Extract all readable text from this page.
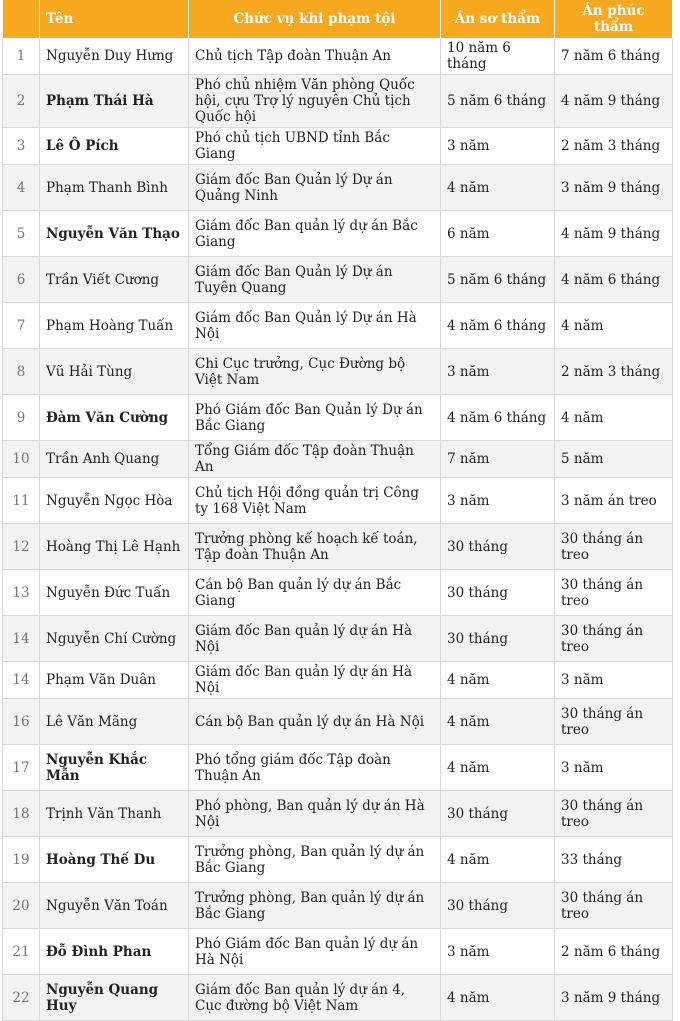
	Tên	Chức vụ khi phạm tội	Án sơ thẩm	Án phúc thẩm
1	Nguyễn Duy Hưng	Chủ tịch Tập đoàn Thuận An	10 năm 6 tháng	7 năm 6 tháng
2	Phạm Thái Hà	Phó chủ nhiệm Văn phòng Quốc hội, cựu Trợ lý nguyên Chủ tịch Quốc hội	5 năm 6 tháng	4 năm 9 tháng
3	Lê Ô Pích	Phó chủ tịch UBND tỉnh Bắc Giang	3 năm	2 năm 3 tháng
4	Phạm Thanh Bình	Giám đốc Ban Quản lý Dự án Quảng Ninh	4 năm	3 năm 9 tháng
5	Nguyễn Văn Thạo	Giám đốc Ban quản lý dự án Bắc Giang	6 năm	4 năm 9 tháng
6	Trần Viết Cương	Giám đốc Ban Quản lý Dự án Tuyên Quang	5 năm 6 tháng	4 năm 6 tháng
7	Phạm Hoàng Tuấn	Giám đốc Ban Quản lý Dự án Hà Nội	4 năm 6 tháng	4 năm
8	Vũ Hải Tùng	Chi Cục trưởng, Cục Đường bộ Việt Nam	3 năm	2 năm 3 tháng
9	Đàm Văn Cường	Phó Giám đốc Ban Quản lý Dự án Bắc Giang	4 năm 6 tháng	4 năm
10	Trần Anh Quang	Tổng Giám đốc Tập đoàn Thuận An	7 năm	5 năm
11	Nguyễn Ngọc Hòa	Chủ tịch Hội đồng quản trị Công ty 168 Việt Nam	3 năm	3 năm án treo
12	Hoàng Thị Lê Hạnh	Trưởng phòng kế hoạch kế toán, Tập đoàn Thuận An	30 tháng	30 tháng án treo
13	Nguyễn Đức Tuấn	Cán bộ Ban quản lý dự án Bắc Giang	30 tháng	30 tháng án treo
14	Nguyễn Chí Cường	Giám đốc Ban quản lý dự án Hà Nội	30 tháng	30 tháng án treo
14	Phạm Văn Duân	Giám đốc Ban quản lý dự án Hà Nội	4 năm	3 năm
16	Lê Văn Mãng	Cán bộ Ban quản lý dự án Hà Nội	4 năm	30 tháng án treo
17	Nguyễn Khắc Mẫn	Phó tổng giám đốc Tập đoàn Thuận An	4 năm	3 năm
18	Trịnh Văn Thanh	Phó phòng, Ban quản lý dự án Hà Nội	30 tháng	30 tháng án treo
19	Hoàng Thế Du	Trưởng phòng, Ban quản lý dự án Bắc Giang	4 năm	33 tháng
20	Nguyễn Văn Toán	Trưởng phòng, Ban quản lý dự án Bắc Giang	30 tháng	30 tháng án treo
21	Đỗ Đình Phan	Phó Giám đốc Ban quản lý dự án Hà Nội	3 năm	2 năm 6 tháng
22	Nguyễn Quang Huy	Giám đốc Ban quản lý dự án 4, Cục đường bộ Việt Nam	4 năm	3 năm 9 tháng
